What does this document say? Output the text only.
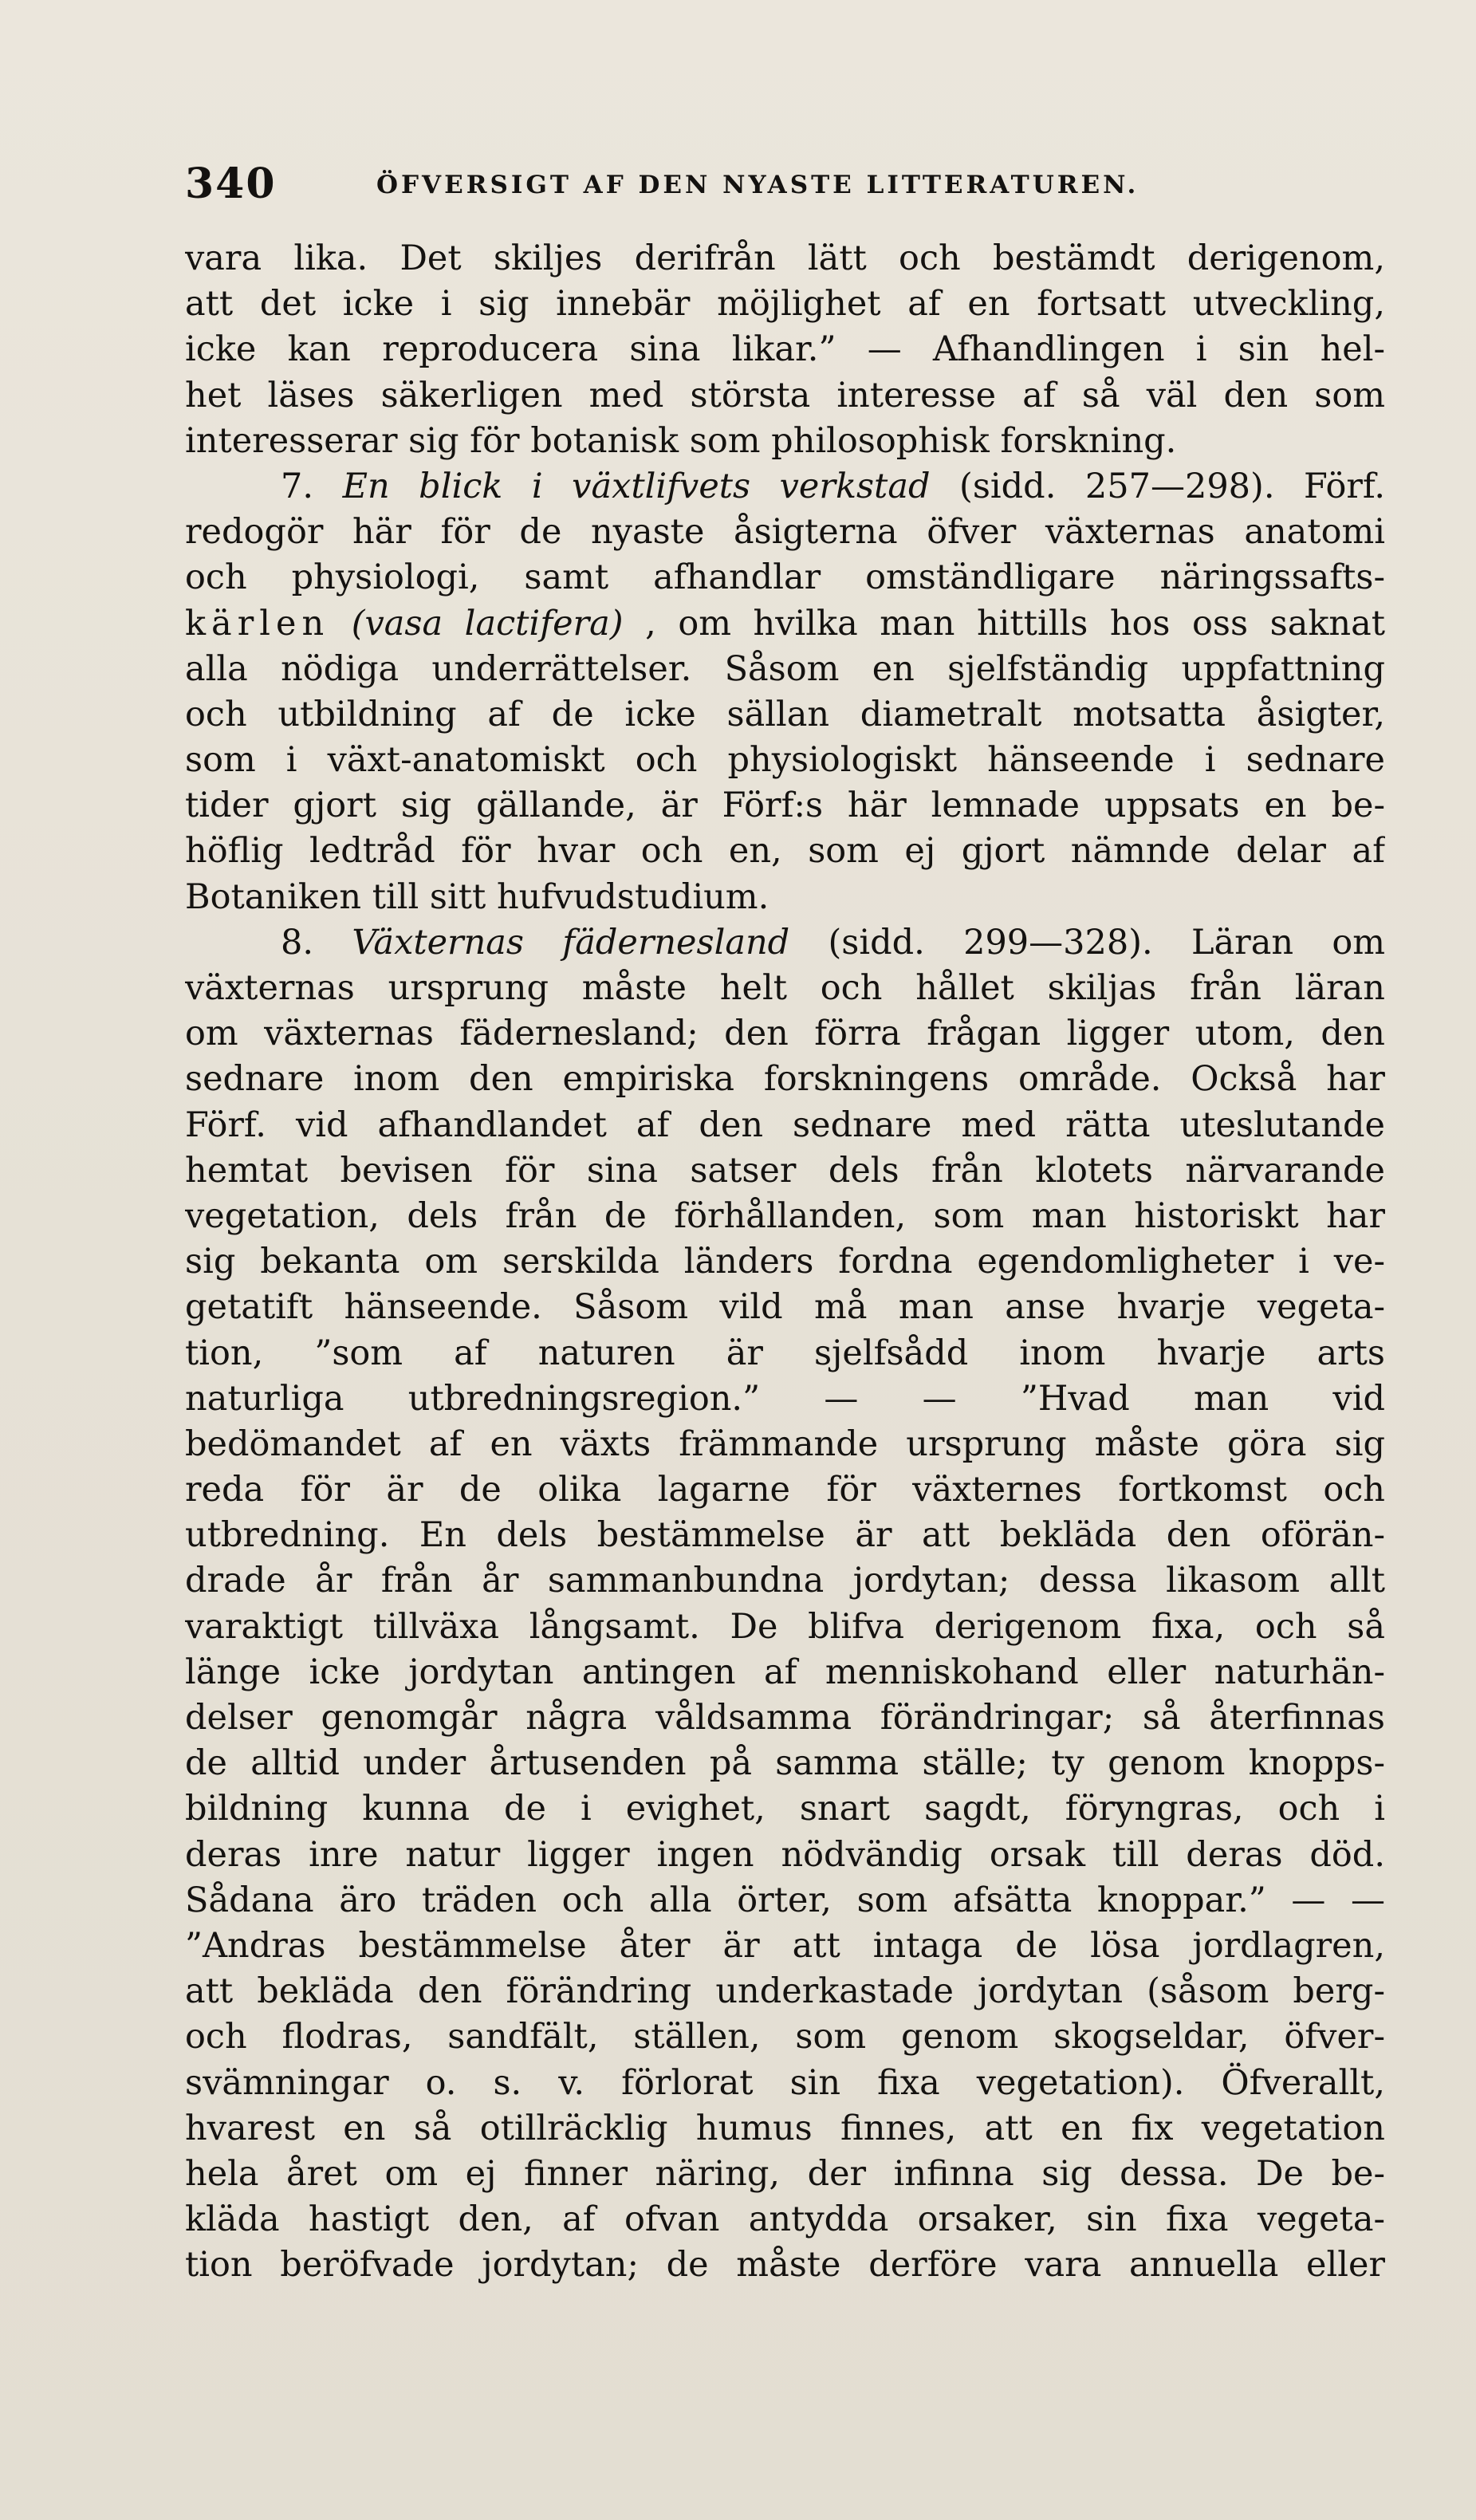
340	ÖFVERSIGT AF DEN NYASTE LITTERATUREN.
vara lika. Det skiljes derifrån lätt och bestämdt derigenom,
att det icke i sig innebär möjlighet af en fortsatt utveckling,
icke kan reproducera sina likar.” — Afhandlingen i sin hel-
het läses säkerligen med största interesse af så väl den som
interesserar sig för botanisk som philosophisk forskning.
7. En blick i växtlifvets verkstad (sidd. 257—298). Förf.
redogör här för de nyaste åsigterna öfver växternas anatomi
och physiologi, samt afhandlar omständligare näringssafts-
kärlen (vasa lactifera) , om hvilka man hittills hos oss saknat
alla nödiga underrättelser. Såsom en sjelfständig uppfattning
och utbildning af de icke sällan diametralt motsatta åsigter,
som i växt-anatomiskt och physiologiskt hänseende i sednare
tider gjort sig gällande, är Förf:s här lemnade uppsats en be-
höflig ledtråd för hvar och en, som ej gjort nämnde delar af
Botaniken till sitt hufvudstudium.
8. Växternas fädernesland (sidd. 299—328). Läran om
växternas ursprung måste helt och hållet skiljas från läran
om växternas fädernesland; den förra frågan ligger utom, den
sednare inom den empiriska forskningens område. Också har
Förf. vid afhandlandet af den sednare med rätta uteslutande
hemtat bevisen för sina satser dels från klotets närvarande
vegetation, dels från de förhållanden, som man historiskt har
sig bekanta om serskilda länders fordna egendomligheter i ve-
getatift hänseende. Såsom vild må man anse hvarje vegeta-
tion, ”som af naturen är sjelfsådd inom hvarje arts
naturliga utbredningsregion.” — — ”Hvad man vid
bedömandet af en växts främmande ursprung måste göra sig
reda för är de olika lagarne för växternes fortkomst och
utbredning. En dels bestämmelse är att bekläda den oförän-
drade år från år sammanbundna jordytan; dessa likasom allt
varaktigt tillväxa långsamt. De blifva derigenom fixa, och så
länge icke jordytan antingen af menniskohand eller naturhän-
delser genomgår några våldsamma förändringar; så återfinnas
de alltid under årtusenden på samma ställe; ty genom knopps-
bildning kunna de i evighet, snart sagdt, föryngras, och i
deras inre natur ligger ingen nödvändig orsak till deras död.
Sådana äro träden och alla örter, som afsätta knoppar.” — —
”Andras bestämmelse åter är att intaga de lösa jordlagren,
att bekläda den förändring underkastade jordytan (såsom berg-
och flodras, sandfält, ställen, som genom skogseldar, öfver-
svämningar o. s. v. förlorat sin fixa vegetation). Öfverallt,
hvarest en så otillräcklig humus finnes, att en fix vegetation
hela året om ej finner näring, der infinna sig dessa. De be-
kläda hastigt den, af ofvan antydda orsaker, sin fixa vegeta-
tion beröfvade jordytan; de måste derföre vara annuella eller
